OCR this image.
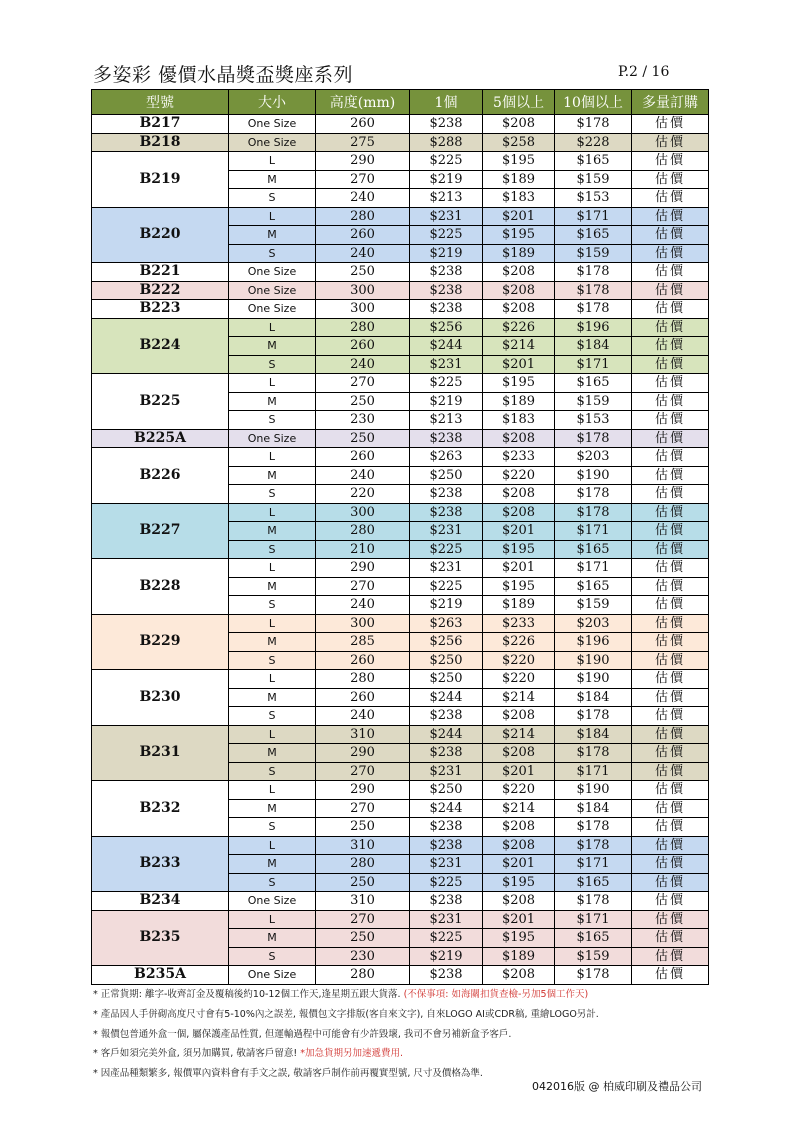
多姿彩 優價水晶獎盃獎座系列	P.2 / 16
型號	大小	高度(mm)	1個	5個以上	10個以上	多量訂購
B217	One Size	260	$238	$208	$178	估價
B218	One Size	275	$288	$258	$228	估價
B219	L	290	$225	$195	$165	估價
	M	270	$219	$189	$159	估價
	S	240	$213	$183	$153	估價
B220	L	280	$231	$201	$171	估價
	M	260	$225	$195	$165	估價
	S	240	$219	$189	$159	估價
B221	One Size	250	$238	$208	$178	估價
B222	One Size	300	$238	$208	$178	估價
B223	One Size	300	$238	$208	$178	估價
B224	L	280	$256	$226	$196	估價
	M	260	$244	$214	$184	估價
	S	240	$231	$201	$171	估價
B225	L	270	$225	$195	$165	估價
	M	250	$219	$189	$159	估價
	S	230	$213	$183	$153	估價
B225A	One Size	250	$238	$208	$178	估價
B226	L	260	$263	$233	$203	估價
	M	240	$250	$220	$190	估價
	S	220	$238	$208	$178	估價
B227	L	300	$238	$208	$178	估價
	M	280	$231	$201	$171	估價
	S	210	$225	$195	$165	估價
B228	L	290	$231	$201	$171	估價
	M	270	$225	$195	$165	估價
	S	240	$219	$189	$159	估價
B229	L	300	$263	$233	$203	估價
	M	285	$256	$226	$196	估價
	S	260	$250	$220	$190	估價
B230	L	280	$250	$220	$190	估價
	M	260	$244	$214	$184	估價
	S	240	$238	$208	$178	估價
B231	L	310	$244	$214	$184	估價
	M	290	$238	$208	$178	估價
	S	270	$231	$201	$171	估價
B232	L	290	$250	$220	$190	估價
	M	270	$244	$214	$184	估價
	S	250	$238	$208	$178	估價
B233	L	310	$238	$208	$178	估價
	M	280	$231	$201	$171	估價
	S	250	$225	$195	$165	估價
B234	One Size	310	$238	$208	$178	估價
B235	L	270	$231	$201	$171	估價
	M	250	$225	$195	$165	估價
	S	230	$219	$189	$159	估價
B235A	One Size	280	$238	$208	$178	估價
* 正常貨期: 離字-收齊訂金及覆稿後約10-12個工作天,逢星期五跟大貨落. (不保事項: 如海關扣貨查檢-另加5個工作天)
* 產品因人手併砌高度尺寸會有5-10%內之誤差, 報價包文字排版(客自來文字), 自來LOGO AI或CDR稿, 重繪LOGO另計.
* 報價包普通外盒一個, 屬保護產品性質, 但運輸過程中可能會有少許毀壞, 我司不會另補新盒予客戶.
* 客戶如須完美外盒, 須另加購買, 敬請客戶留意! *加急貨期另加速遞費用.
* 因產品種類繁多, 報價單內資料會有手文之誤, 敬請客戶制作前再覆實型號, 尺寸及價格為準.
042016版 @ 柏威印刷及禮品公司
